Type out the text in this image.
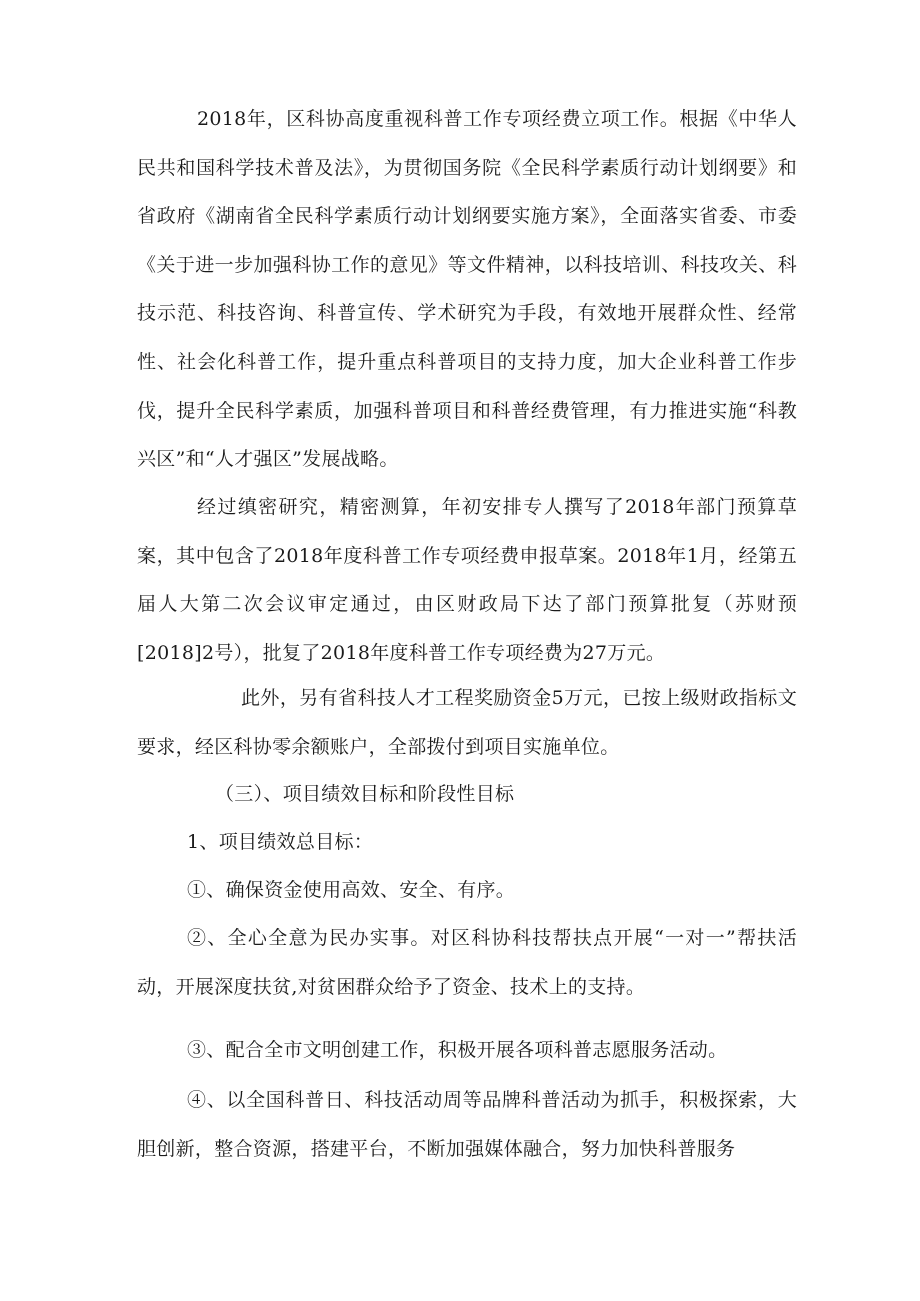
2018年，区科协高度重视科普工作专项经费立项工作。根据《中华人民共和国科学技术普及法》，为贯彻国务院《全民科学素质行动计划纲要》和省政府《湖南省全民科学素质行动计划纲要实施方案》，全面落实省委、市委《关于进一步加强科协工作的意见》等文件精神，以科技培训、科技攻关、科技示范、科技咨询、科普宣传、学术研究为手段，有效地开展群众性、经常性、社会化科普工作，提升重点科普项目的支持力度，加大企业科普工作步伐，提升全民科学素质，加强科普项目和科普经费管理，有力推进实施“科教兴区”和“人才强区”发展战略。

经过缜密研究，精密测算，年初安排专人撰写了2018年部门预算草案，其中包含了2018年度科普工作专项经费申报草案。2018年1月，经第五届人大第二次会议审定通过，由区财政局下达了部门预算批复（苏财预[2018]2号），批复了2018年度科普工作专项经费为27万元。

此外，另有省科技人才工程奖励资金5万元，已按上级财政指标文要求，经区科协零余额账户，全部拨付到项目实施单位。

（三）、项目绩效目标和阶段性目标

1、项目绩效总目标：

①、确保资金使用高效、安全、有序。

②、全心全意为民办实事。对区科协科技帮扶点开展“一对一”帮扶活动，开展深度扶贫,对贫困群众给予了资金、技术上的支持。

③、配合全市文明创建工作，积极开展各项科普志愿服务活动。

④、以全国科普日、科技活动周等品牌科普活动为抓手，积极探索，大胆创新，整合资源，搭建平台，不断加强媒体融合，努力加快科普服务
